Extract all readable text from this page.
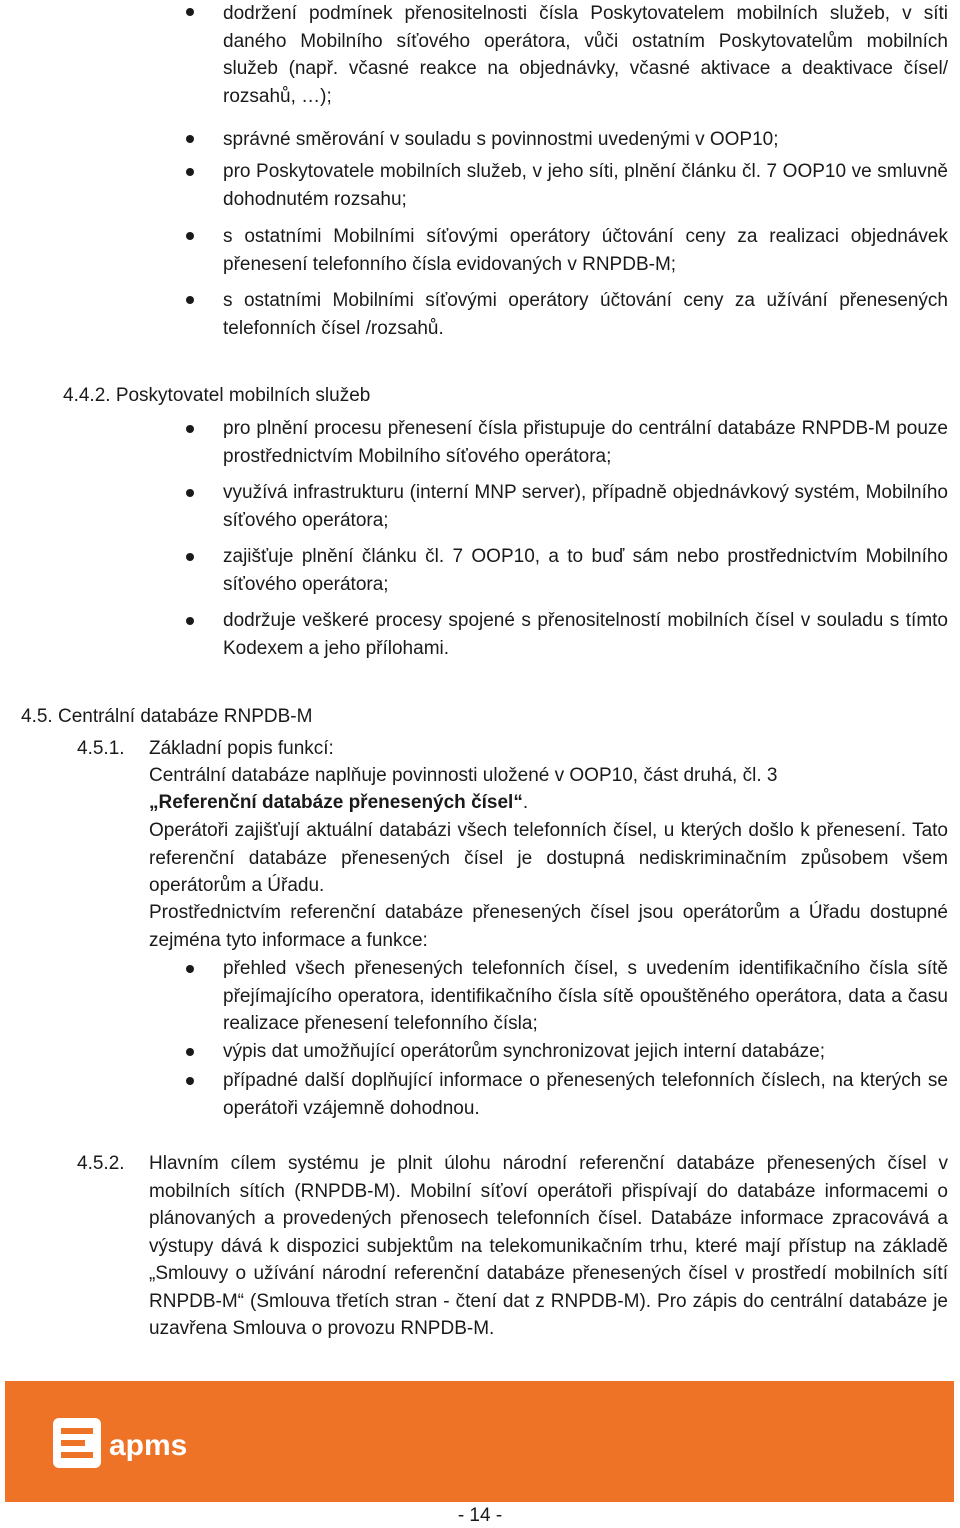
dodržení podmínek přenositelnosti čísla Poskytovatelem mobilních služeb, v síti daného Mobilního síťového operátora, vůči ostatním Poskytovatelům mobilních služeb (např. včasné reakce na objednávky, včasné aktivace a deaktivace čísel/ rozsahů, …);

správné směrování v souladu s povinnostmi uvedenými v OOP10;

pro Poskytovatele mobilních služeb, v jeho síti, plnění článku čl. 7 OOP10 ve smluvně dohodnutém rozsahu;

s ostatními Mobilními síťovými operátory účtování ceny za realizaci objednávek přenesení telefonního čísla evidovaných v RNPDB-M;

s ostatními Mobilními síťovými operátory účtování ceny za užívání přenesených telefonních čísel /rozsahů.

4.4.2. Poskytovatel mobilních služeb

pro plnění procesu přenesení čísla přistupuje do centrální databáze RNPDB-M pouze prostřednictvím Mobilního síťového operátora;

využívá infrastrukturu (interní MNP server), případně objednávkový systém, Mobilního síťového operátora;

zajišťuje plnění článku čl. 7 OOP10, a to buď sám nebo prostřednictvím Mobilního síťového operátora;

dodržuje veškeré procesy spojené s přenositelností mobilních čísel v souladu s tímto Kodexem a jeho přílohami.

4.5. Centrální databáze RNPDB-M
4.5.1. Základní popis funkcí:

Centrální databáze naplňuje povinnosti uložené v OOP10, část druhá, čl. 3

„Referenční databáze přenesených čísel“.

Operátoři zajišťují aktuální databázi všech telefonních čísel, u kterých došlo k přenesení. Tato referenční databáze přenesených čísel je dostupná nediskriminačním způsobem všem operátorům a Úřadu.

Prostřednictvím referenční databáze přenesených čísel jsou operátorům a Úřadu dostupné zejména tyto informace a funkce:

přehled všech přenesených telefonních čísel, s uvedením identifikačního čísla sítě přejímajícího operatora, identifikačního čísla sítě opouštěného operátora, data a času realizace přenesení telefonního čísla;

výpis dat umožňující operátorům synchronizovat jejich interní databáze;

případné další doplňující informace o přenesených telefonních číslech, na kterých se operátoři vzájemně dohodnou.

4.5.2. Hlavním cílem systému je plnit úlohu národní referenční databáze přenesených čísel v mobilních sítích (RNPDB-M). Mobilní síťoví operátoři přispívají do databáze informacemi o plánovaných a provedených přenosech telefonních čísel. Databáze informace zpracovává a výstupy dává k dispozici subjektům na telekomunikačním trhu, které mají přístup na základě „Smlouvy o užívání národní referenční databáze přenesených čísel v prostředí mobilních sítí RNPDB-M“ (Smlouva třetích stran - čtení dat z RNPDB-M). Pro zápis do centrální databáze je uzavřena Smlouva o provozu RNPDB-M.

apms
- 14 -
